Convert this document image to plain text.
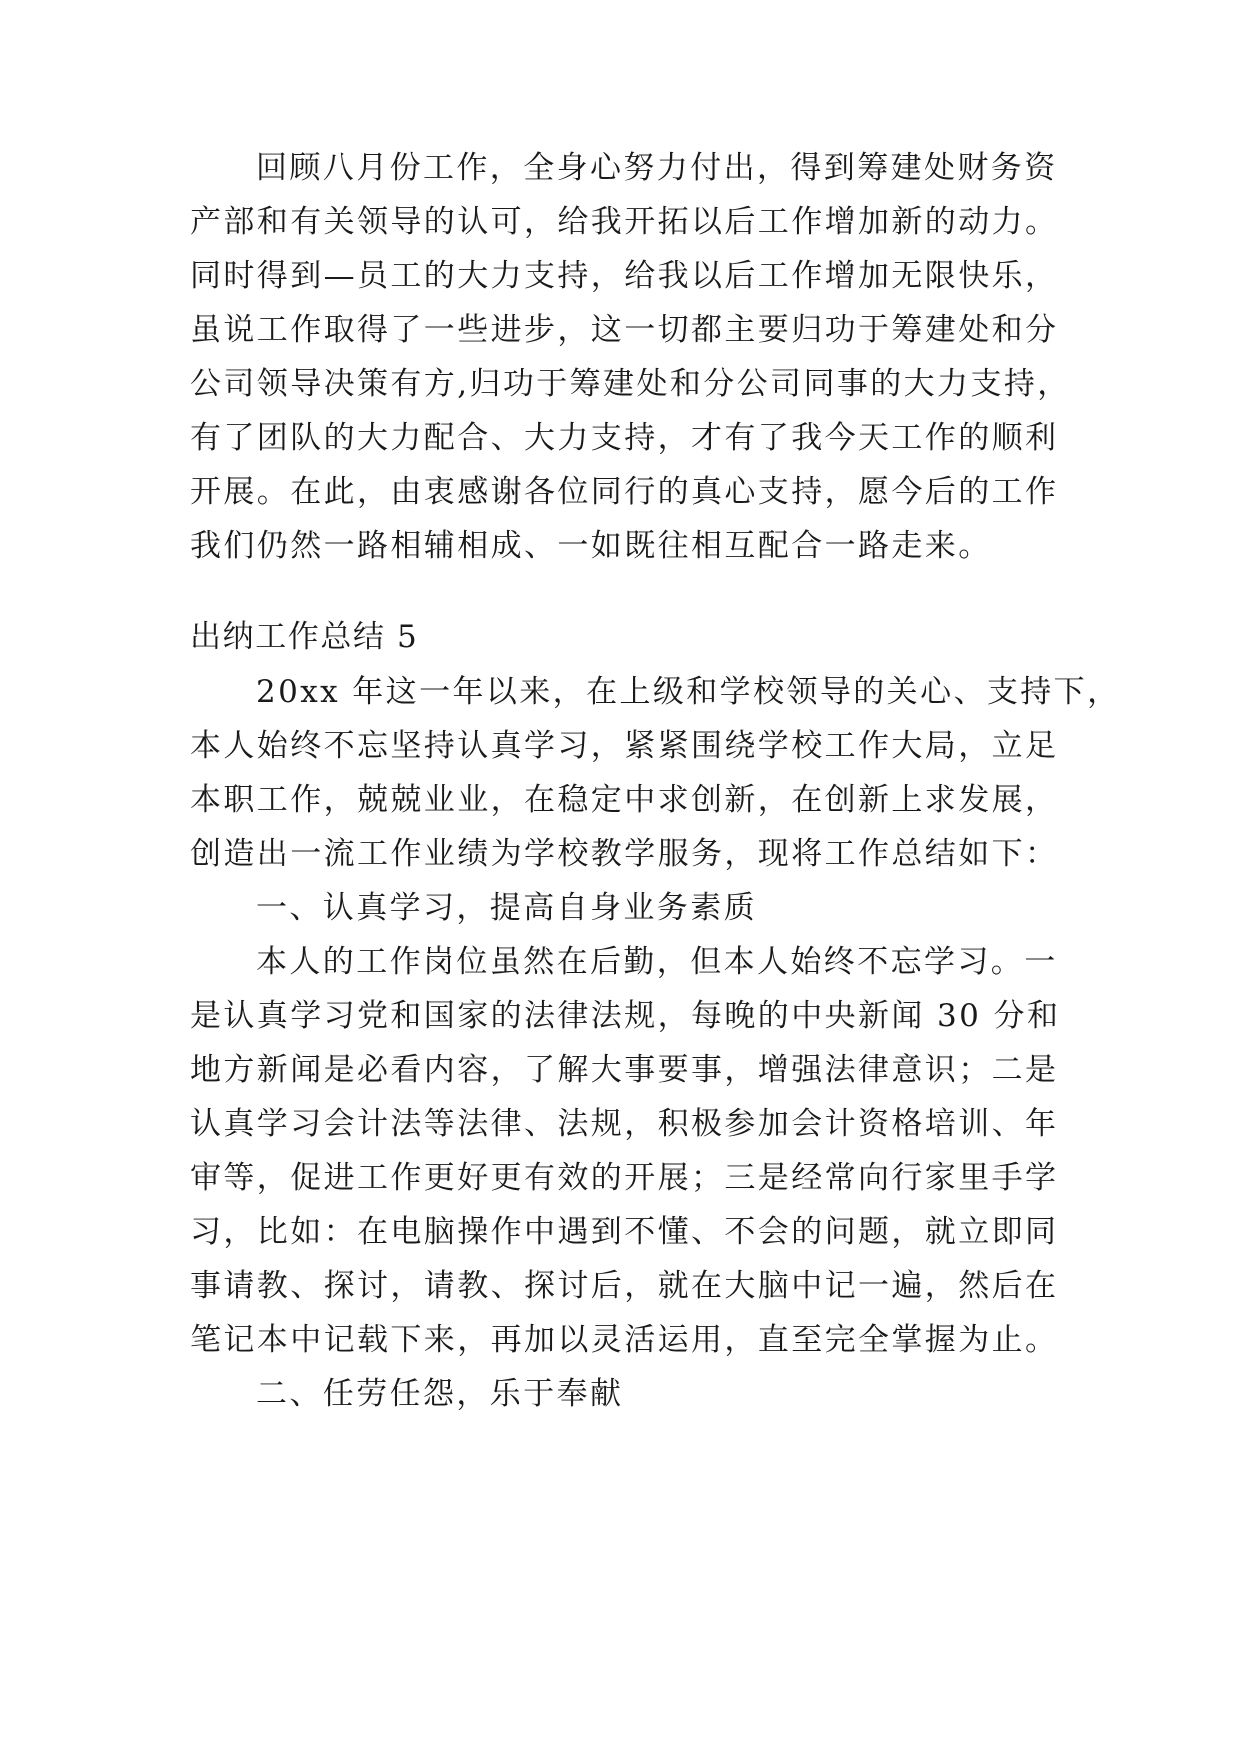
回顾八月份工作，全身心努力付出，得到筹建处财务资
产部和有关领导的认可，给我开拓以后工作增加新的动力。
同时得到—员工的大力支持，给我以后工作增加无限快乐，
虽说工作取得了一些进步，这一切都主要归功于筹建处和分
公司领导决策有方,归功于筹建处和分公司同事的大力支持，
有了团队的大力配合、大力支持，才有了我今天工作的顺利
开展。在此，由衷感谢各位同行的真心支持，愿今后的工作
我们仍然一路相辅相成、一如既往相互配合一路走来。
出纳工作总结 5
20xx 年这一年以来，在上级和学校领导的关心、支持下，
本人始终不忘坚持认真学习，紧紧围绕学校工作大局，立足
本职工作，兢兢业业，在稳定中求创新，在创新上求发展，
创造出一流工作业绩为学校教学服务，现将工作总结如下：
一、认真学习，提高自身业务素质
本人的工作岗位虽然在后勤，但本人始终不忘学习。一
是认真学习党和国家的法律法规，每晚的中央新闻 30 分和
地方新闻是必看内容，了解大事要事，增强法律意识；二是
认真学习会计法等法律、法规，积极参加会计资格培训、年
审等，促进工作更好更有效的开展；三是经常向行家里手学
习，比如：在电脑操作中遇到不懂、不会的问题，就立即同
事请教、探讨，请教、探讨后，就在大脑中记一遍，然后在
笔记本中记载下来，再加以灵活运用，直至完全掌握为止。
二、任劳任怨，乐于奉献
